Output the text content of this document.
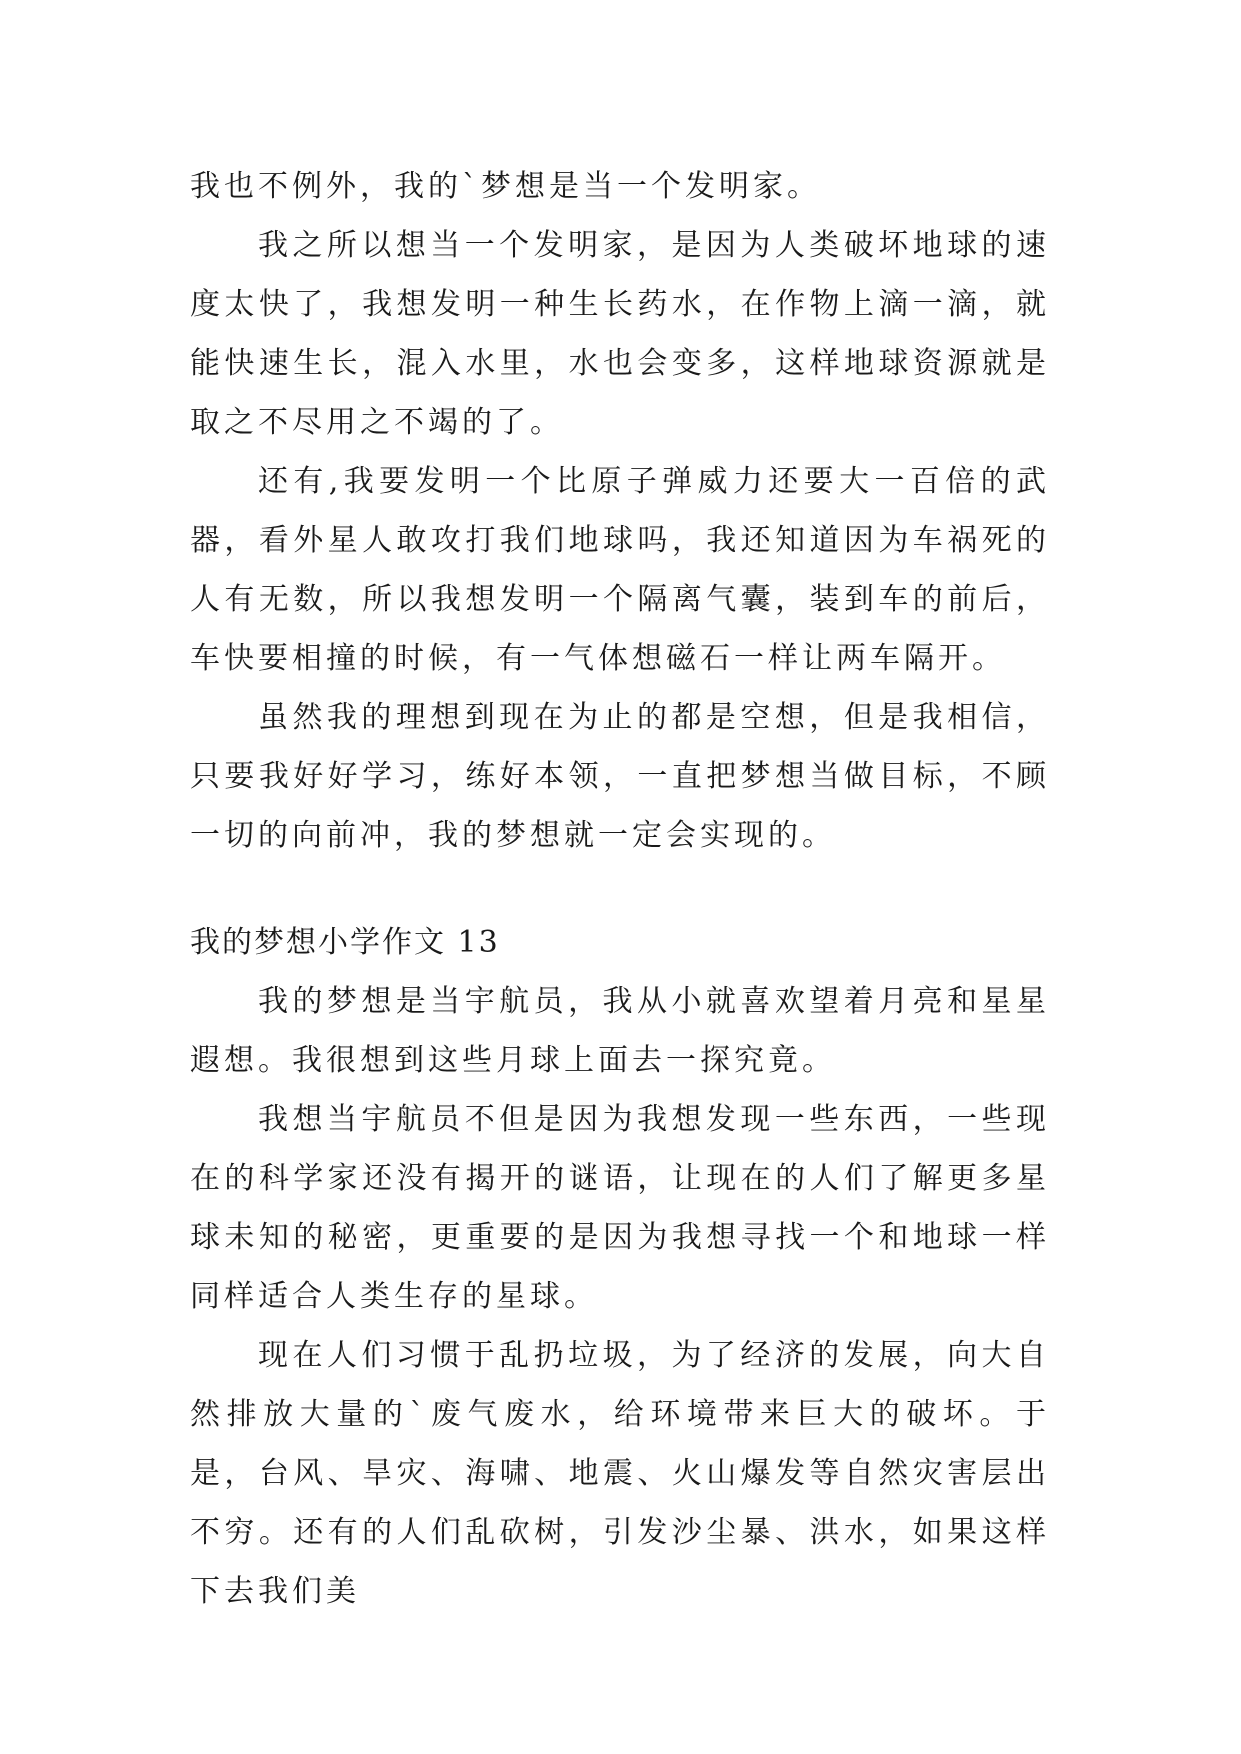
我也不例外，我的`梦想是当一个发明家。

我之所以想当一个发明家，是因为人类破坏地球的速度太快了，我想发明一种生长药水，在作物上滴一滴，就能快速生长，混入水里，水也会变多，这样地球资源就是取之不尽用之不竭的了。

还有,我要发明一个比原子弹威力还要大一百倍的武器，看外星人敢攻打我们地球吗，我还知道因为车祸死的人有无数，所以我想发明一个隔离气囊，装到车的前后，车快要相撞的时候，有一气体想磁石一样让两车隔开。

虽然我的理想到现在为止的都是空想，但是我相信，只要我好好学习，练好本领，一直把梦想当做目标，不顾一切的向前冲，我的梦想就一定会实现的。

我的梦想小学作文 13

我的梦想是当宇航员，我从小就喜欢望着月亮和星星遐想。我很想到这些月球上面去一探究竟。

我想当宇航员不但是因为我想发现一些东西，一些现在的科学家还没有揭开的谜语，让现在的人们了解更多星球未知的秘密，更重要的是因为我想寻找一个和地球一样同样适合人类生存的星球。

现在人们习惯于乱扔垃圾，为了经济的发展，向大自然排放大量的`废气废水，给环境带来巨大的破坏。于是，台风、旱灾、海啸、地震、火山爆发等自然灾害层出不穷。还有的人们乱砍树，引发沙尘暴、洪水，如果这样下去我们美
